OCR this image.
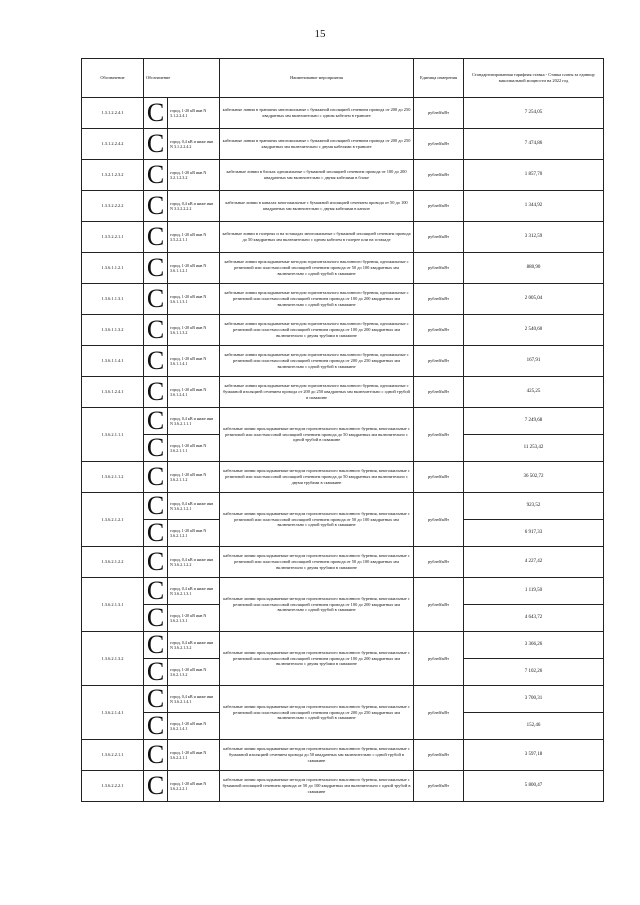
15
Обозначение	Обозначение		Наименование мероприятия	Единица измерения	Стандартизированная тарифная ставка - Ставка платы за единицу максимальной мощности на 2022 год
1.3.1.2.2.4.1	С	город, 1-20 кВ инв N 3.1.2.2.4.1	кабельные линии в траншеях многожильные с бумажной изоляцией сечением провода от 200 до 250 квадратных мм включительно с одним кабелем в траншее	рублей/кВт	7 254,05
1.3.1.2.2.4.2	С	город, 0,4 кВ и ниже инв N 3.1.2.2.4.2	кабельные линии в траншеях многожильные с бумажной изоляцией сечением провода от 200 до 250 квадратных мм включительно с двумя кабелями в траншее	рублей/кВт	7 474,86
1.3.2.1.2.3.2	С	город, 1-20 кВ инв N 3.2.1.2.3.2	кабельные линии в блоках одножильные с бумажной изоляцией сечением провода от 100 до 200 квадратных мм включительно с двумя кабелями в блоке	рублей/кВт	1 857,70
1.3.3.2.2.2.2	С	город, 0,4 кВ и ниже инв N 3.3.2.2.2.2	кабельные линии в каналах многожильные с бумажной изоляцией сечением провода от 50 до 100 квадратных мм включительно с двумя кабелями в канале	рублей/кВт	1 344,92
1.3.5.2.2.1.1	С	город, 1-20 кВ инв N 3.5.2.2.1.1	кабельные линии в галереях и на эстакадах многожильные с бумажной изоляцией сечением провода до 50 квадратных мм включительно с одним кабелем в галерее или на эстакаде	рублей/кВт	3 312,59
1.3.6.1.1.2.1	С	город, 1-20 кВ инв N 3.6.1.1.2.1	кабельные линии прокладываемые методом горизонтального наклонного бурения, одножильные с резиновой или пластмассовой изоляцией сечением провода от 50 до 100 квадратных мм включительно с одной трубой в скважине	рублей/кВт	880,90
1.3.6.1.1.3.1	С	город, 1-20 кВ инв N 3.6.1.1.3.1	кабельные линии прокладываемые методом горизонтального наклонного бурения, одножильные с резиновой или пластмассовой изоляцией сечением провода от 100 до 200 квадратных мм включительно с одной трубой в скважине	рублей/кВт	2 005,04
1.3.6.1.1.3.2	С	город, 1-20 кВ инв N 3.6.1.1.3.2	кабельные линии прокладываемые методом горизонтального наклонного бурения, одножильные с резиновой или пластмассовой изоляцией сечением провода от 100 до 200 квадратных мм включительно с двумя трубами в скважине	рублей/кВт	2 540,60
1.3.6.1.1.4.1	С	город, 1-20 кВ инв N 3.6.1.1.4.1	кабельные линии прокладываемые методом горизонтального наклонного бурения, одножильные с резиновой или пластмассовой изоляцией сечением провода от 200 до 250 квадратных мм включительно с одной трубой в скважине	рублей/кВт	167,91
1.3.6.1.2.4.1	С	город, 1-20 кВ инв N 3.6.1.2.4.1	кабельные линии прокладываемые методом горизонтального наклонного бурения, одножильные с бумажной изоляцией сечением провода от 200 до 250 квадратных мм включительно с одной трубой в скважине	рублей/кВт	425,25
1.3.6.2.1.1.1	С	город, 0,4 кВ и ниже инв N 3.6.2.1.1.1	кабельные линии прокладываемые методом горизонтального наклонного бурения, многожильные с резиновой или пластмассовой изоляцией сечением провода до 50 квадратных мм включительно с одной трубой в скважине	рублей/кВт	7 249,68
	С	город, 1-20 кВ инв N 3.6.2.1.1.1			11 253,42
1.3.6.2.1.1.2	С	город, 1-20 кВ инв N 3.6.2.1.1.2	кабельные линии прокладываемые методом горизонтального наклонного бурения, многожильные с резиновой или пластмассовой изоляцией сечением провода до 50 квадратных мм включительно с двумя трубами в скважине	рублей/кВт	36 502,72
1.3.6.2.1.2.1	С	город, 0,4 кВ и ниже инв N 3.6.2.1.2.1	кабельные линии прокладываемые методом горизонтального наклонного бурения, многожильные с резиновой или пластмассовой изоляцией сечением провода от 50 до 100 квадратных мм включительно с одной трубой в скважине	рублей/кВт	923,52
	С	город, 1-20 кВ инв N 3.6.2.1.2.1			6 917,33
1.3.6.2.1.2.2	С	город, 0,4 кВ и ниже инв N 3.6.2.1.2.2	кабельные линии прокладываемые методом горизонтального наклонного бурения, многожильные с резиновой или пластмассовой изоляцией сечением провода от 50 до 100 квадратных мм включительно с двумя трубами в скважине	рублей/кВт	4 227,42
1.3.6.2.1.3.1	С	город, 0,4 кВ и ниже инв N 3.6.2.1.3.1	кабельные линии прокладываемые методом горизонтального наклонного бурения, многожильные с резиновой или пластмассовой изоляцией сечением провода от 100 до 200 квадратных мм включительно с одной трубой в скважине	рублей/кВт	1 119,50
	С	город, 1-20 кВ инв N 3.6.2.1.3.1			4 643,72
1.3.6.2.1.3.2	С	город, 0,4 кВ и ниже инв N 3.6.2.1.3.2	кабельные линии прокладываемые методом горизонтального наклонного бурения, многожильные с резиновой или пластмассовой изоляцией сечением провода от 100 до 200 квадратных мм включительно с двумя трубами в скважине	рублей/кВт	3 366,26
	С	город, 1-20 кВ инв N 3.6.2.1.3.2			7 102,26
1.3.6.2.1.4.1	С	город, 0,4 кВ и ниже инв N 3.6.2.1.4.1	кабельные линии прокладываемые методом горизонтального наклонного бурения, многожильные с резиновой или пластмассовой изоляцией сечением провода от 200 до 250 квадратных мм включительно с одной трубой в скважине	рублей/кВт	3 700,31
	С	город, 1-20 кВ инв N 3.6.2.1.4.1			152,46
1.3.6.2.2.1.1	С	город, 1-20 кВ инв N 3.6.2.2.1.1	кабельные линии прокладываемые методом горизонтального наклонного бурения, многожильные с бумажной изоляцией сечением провода до 50 квадратных мм включительно с одной трубой в скважине	рублей/кВт	3 597,18
1.3.6.2.2.2.1	С	город, 1-20 кВ инв N 3.6.2.2.2.1	кабельные линии прокладываемые методом горизонтального наклонного бурения, многожильные с бумажной изоляцией сечением провода от 50 до 100 квадратных мм включительно с одной трубой в скважине	рублей/кВт	5 800,47
